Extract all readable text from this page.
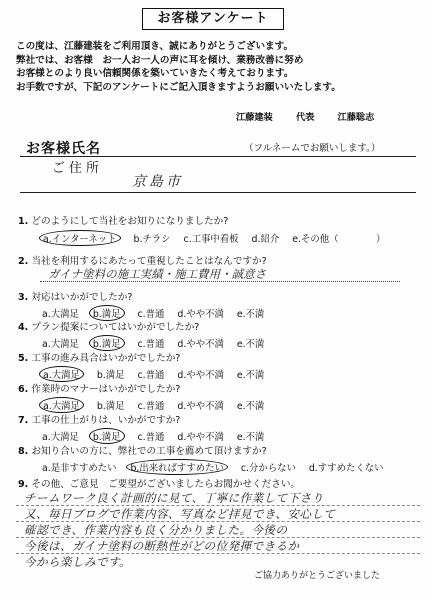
お客様アンケート
この度は、江藤建装をご利用頂き、誠にありがとうございます。
弊社では、お客様　お一人お一人の声に耳を傾け、業務改善に努め
お客様とのより良い信頼関係を築いていきたく考えております。
お手数ですが、下記のアンケートにご記入頂きますようお願いいたします。
江藤建装	代表	江藤聡志
お客様氏名	（フルネームでお願いします。）
ご住所
京島市
1. どのようにして当社をお知りになりましたか?
a.インターネット b.チラシ c.工事中看板 d.紹介 e.その他（　　　　）
2. 当社を利用するにあたって重視したことはなんですか?
ガイナ塗料の施工実績・施工費用・誠意さ
3. 対応はいかがでしたか?
a.大満足 b.満足 c.普通 d.やや不満 e.不満
4. プラン提案についてはいかがでしたか?
a.大満足 b.満足 c.普通 d.やや不満 e.不満
5. 工事の進み具合はいかがでしたか?
a.大満足 b.満足 c.普通 d.やや不満 e.不満
6. 作業時のマナーはいかがでしたか?
a.大満足 b.満足 c.普通 d.やや不満 e.不満
7. 工事の仕上がりは、いかがですか?
a.大満足 b.満足 c.普通 d.やや不満 e.不満
8. お知り合いの方に、弊社での工事を薦めて頂けますか?
a.是非すすめたい b.出来ればすすめたい c.分からない d.すすめたくない
9. その他、ご意見　ご要望がございましたらお聞かせください。
チームワーク良く計画的に見て、丁寧に作業して下さり
又、毎日ブログで作業内容、写真など拝見でき、安心して
確認でき、作業内容も良く分かりました。今後の
今後は、ガイナ塗料の断熱性がどの位発揮できるか
今から楽しみです。
ご協力ありがとうございました
